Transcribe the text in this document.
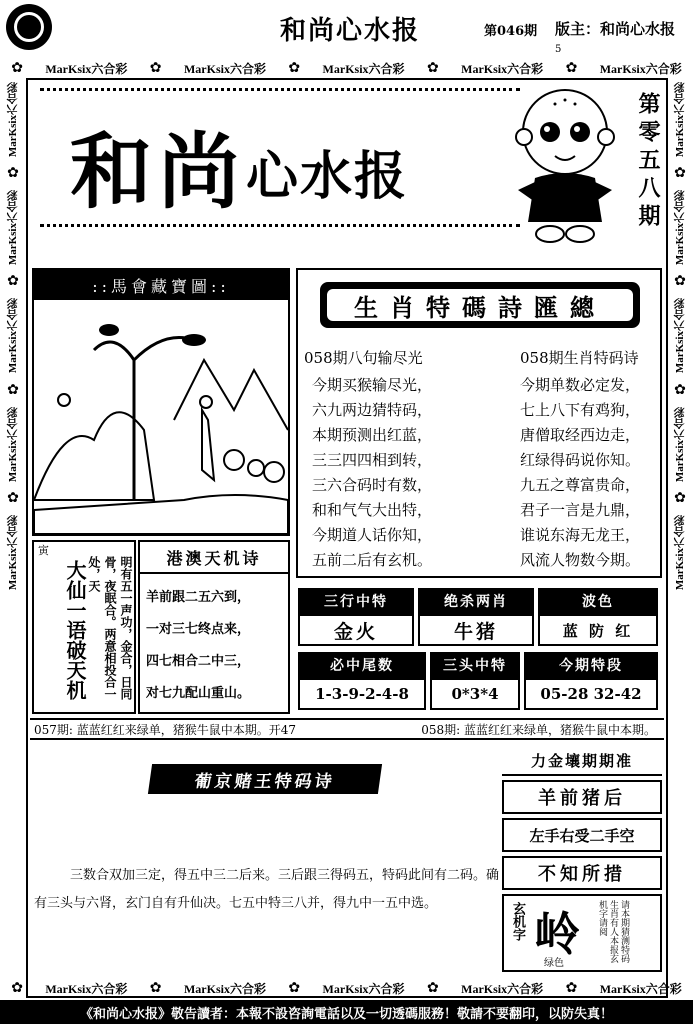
和尚心水报	第046期 版主：和尚心水报
5
✿ MarKsix六合彩 ✿ MarKsix六合彩 ✿ MarKsix六合彩 ✿ MarKsix六合彩 ✿ MarKsix六合彩
MarKsix六合彩
✿
MarKsix六合彩
✿
MarKsix六合彩
✿
MarKsix六合彩
✿
MarKsix六合彩
MarKsix六合彩
✿
MarKsix六合彩
✿
MarKsix六合彩
✿
MarKsix六合彩
✿
MarKsix六合彩
✿ MarKsix六合彩 ✿ MarKsix六合彩 ✿ MarKsix六合彩 ✿ MarKsix六合彩 ✿ MarKsix六合彩
和尚心水报	第零五八期
::馬會藏寶圖::
生肖特碼詩匯總
058期八句输尽光
今期买猴输尽光，
六九两边猜特码，
本期预测出红蓝，
三三四四相到转，
三六合码时有数，
和和气气大出特，
今期道人话你知，
五前二后有玄机。
058期生肖特码诗
今期单数必定发，
七上八下有鸡狗，
唐僧取经西边走，
红绿得码说你知。
九五之尊富贵命，
君子一言是九鼎，
谁说东海无龙王，
风流人物数今期。
寅
大仙一语破天机	明有五一声功，金合，日同骨，夜眠合。两意相投合一处，天	港澳天机诗
羊前跟二五六到，
一对三七终点来，
四七相合二中三，
对七九配山重山。
三行中特	绝杀两肖	波色
金火	牛猪	蓝 防 红
必中尾数	三头中特	今期特段
1-3-9-2-4-8	0*3*4	05-28 32-42
057期: 蓝蓝红红来绿单，猪猴牛鼠中本期。开47	058期: 蓝蓝红红来绿单，猪猴牛鼠中本期。
葡京赌王特码诗

三数合双加三定，得五中三二后来。三后跟三得码五，特码此间有二码。确有三头与六肾，玄门自有升仙决。七五中特三八并，得九中一五中选。

力金壤期期准
羊前猪后
左手右受二手空
不知所措
玄机字 岭
绿色
请本期猜测特码生肖有人本报玄机字请阅
《和尚心水报》敬告讀者：本報不設咨詢電話以及一切透碼服務！敬請不要翻印，以防失真！
